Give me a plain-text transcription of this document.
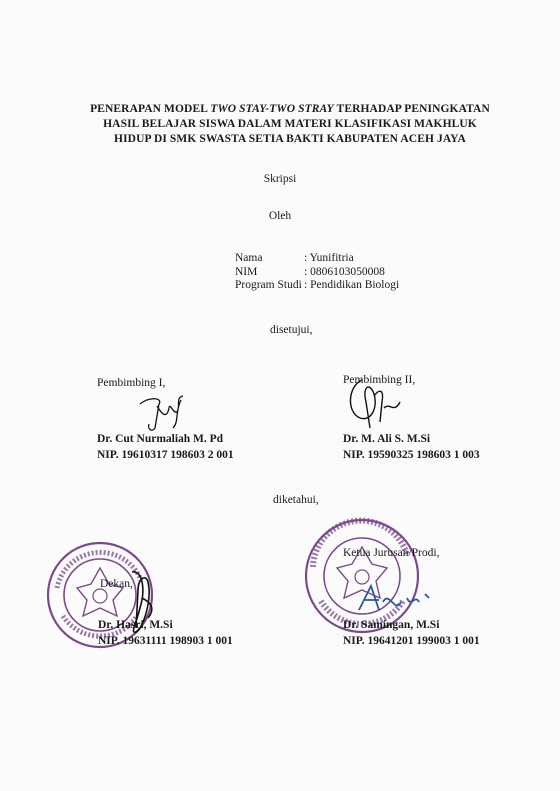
PENERAPAN MODEL TWO STAY-TWO STRAY TERHADAP PENINGKATAN
HASIL BELAJAR SISWA DALAM MATERI KLASIFIKASI MAKHLUK
HIDUP DI SMK SWASTA SETIA BAKTI KABUPATEN ACEH JAYA
Skripsi
Oleh
Nama	: Yunifitria
NIM	: 0806103050008
Program Studi : Pendidikan Biologi
disetujui,
Pembimbing I,
Dr. Cut Nurmaliah M. Pd
NIP. 19610317 198603 2 001
Pembimbing II,
Dr. M. Ali S. M.Si
NIP. 19590325 198603 1 003
diketahui,
Dekan,
Dr. Hasri, M.Si
NIP. 19631111 198903 1 001
Ketua Jurusan/Prodi,
Dr. Samingan, M.Si
NIP. 19641201 199003 1 001
